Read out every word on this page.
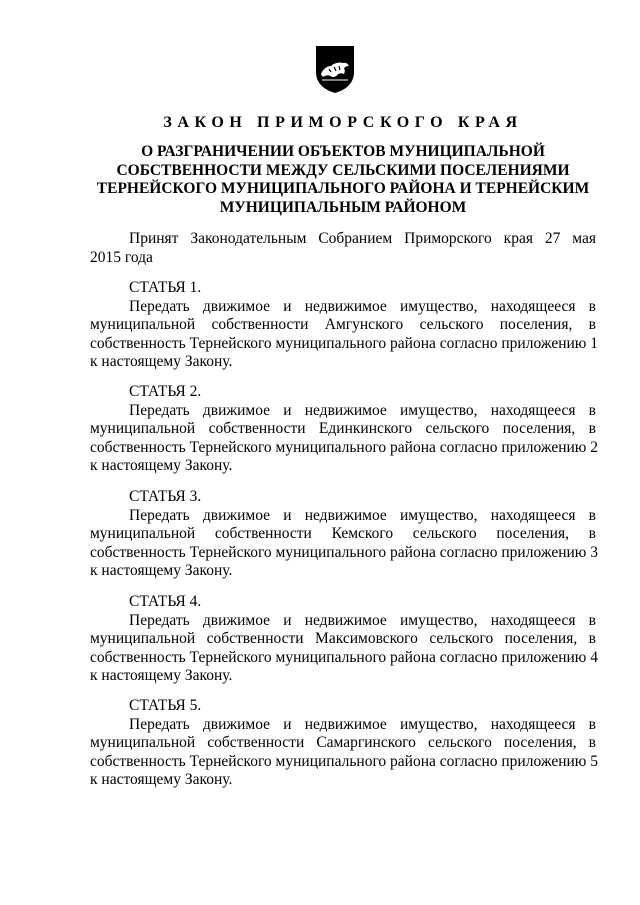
ЗАКОН ПРИМОРСКОГО КРАЯ
О РАЗГРАНИЧЕНИИ ОБЪЕКТОВ МУНИЦИПАЛЬНОЙ
СОБСТВЕННОСТИ МЕЖДУ СЕЛЬСКИМИ ПОСЕЛЕНИЯМИ
ТЕРНЕЙСКОГО МУНИЦИПАЛЬНОГО РАЙОНА И ТЕРНЕЙСКИМ
МУНИЦИПАЛЬНЫМ РАЙОНОМ

Принят Законодательным Собранием Приморского края 27 мая
2015 года

СТАТЬЯ 1.
Передать движимое и недвижимое имущество, находящееся в
муниципальной собственности Амгунского сельского поселения, в
собственность Тернейского муниципального района согласно приложению 1
к настоящему Закону.
СТАТЬЯ 2.
Передать движимое и недвижимое имущество, находящееся в
муниципальной собственности Единкинского сельского поселения, в
собственность Тернейского муниципального района согласно приложению 2
к настоящему Закону.
СТАТЬЯ 3.
Передать движимое и недвижимое имущество, находящееся в
муниципальной собственности Кемского сельского поселения, в
собственность Тернейского муниципального района согласно приложению 3
к настоящему Закону.
СТАТЬЯ 4.
Передать движимое и недвижимое имущество, находящееся в
муниципальной собственности Максимовского сельского поселения, в
собственность Тернейского муниципального района согласно приложению 4
к настоящему Закону.
СТАТЬЯ 5.
Передать движимое и недвижимое имущество, находящееся в
муниципальной собственности Самаргинского сельского поселения, в
собственность Тернейского муниципального района согласно приложению 5
к настоящему Закону.
